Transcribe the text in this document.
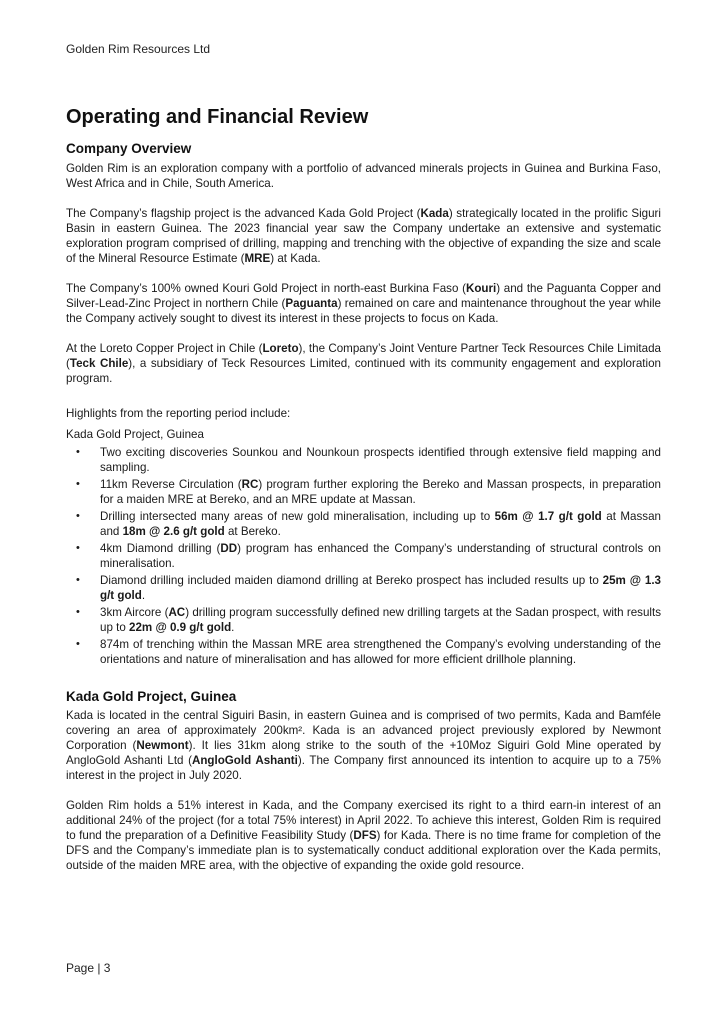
Golden Rim Resources Ltd
Operating and Financial Review
Company Overview

Golden Rim is an exploration company with a portfolio of advanced minerals projects in Guinea and Burkina Faso, West Africa and in Chile, South America.

The Company’s flagship project is the advanced Kada Gold Project (Kada) strategically located in the prolific Siguri Basin in eastern Guinea. The 2023 financial year saw the Company undertake an extensive and systematic exploration program comprised of drilling, mapping and trenching with the objective of expanding the size and scale of the Mineral Resource Estimate (MRE) at Kada.

The Company’s 100% owned Kouri Gold Project in north-east Burkina Faso (Kouri) and the Paguanta Copper and Silver-Lead-Zinc Project in northern Chile (Paguanta) remained on care and maintenance throughout the year while the Company actively sought to divest its interest in these projects to focus on Kada.

At the Loreto Copper Project in Chile (Loreto), the Company’s Joint Venture Partner Teck Resources Chile Limitada (Teck Chile), a subsidiary of Teck Resources Limited, continued with its community engagement and exploration program.

Highlights from the reporting period include:

Kada Gold Project, Guinea

• Two exciting discoveries Sounkou and Nounkoun prospects identified through extensive field mapping and sampling.
• 11km Reverse Circulation (RC) program further exploring the Bereko and Massan prospects, in preparation for a maiden MRE at Bereko, and an MRE update at Massan.
• Drilling intersected many areas of new gold mineralisation, including up to 56m @ 1.7 g/t gold at Massan and 18m @ 2.6 g/t gold at Bereko.
• 4km Diamond drilling (DD) program has enhanced the Company’s understanding of structural controls on mineralisation.
• Diamond drilling included maiden diamond drilling at Bereko prospect has included results up to 25m @ 1.3 g/t gold.
• 3km Aircore (AC) drilling program successfully defined new drilling targets at the Sadan prospect, with results up to 22m @ 0.9 g/t gold.
• 874m of trenching within the Massan MRE area strengthened the Company’s evolving understanding of the orientations and nature of mineralisation and has allowed for more efficient drillhole planning.
Kada Gold Project, Guinea

Kada is located in the central Siguiri Basin, in eastern Guinea and is comprised of two permits, Kada and Bamféle covering an area of approximately 200km². Kada is an advanced project previously explored by Newmont Corporation (Newmont). It lies 31km along strike to the south of the +10Moz Siguiri Gold Mine operated by AngloGold Ashanti Ltd (AngloGold Ashanti). The Company first announced its intention to acquire up to a 75% interest in the project in July 2020.

Golden Rim holds a 51% interest in Kada, and the Company exercised its right to a third earn-in interest of an additional 24% of the project (for a total 75% interest) in April 2022. To achieve this interest, Golden Rim is required to fund the preparation of a Definitive Feasibility Study (DFS) for Kada. There is no time frame for completion of the DFS and the Company’s immediate plan is to systematically conduct additional exploration over the Kada permits, outside of the maiden MRE area, with the objective of expanding the oxide gold resource.

Page | 3
